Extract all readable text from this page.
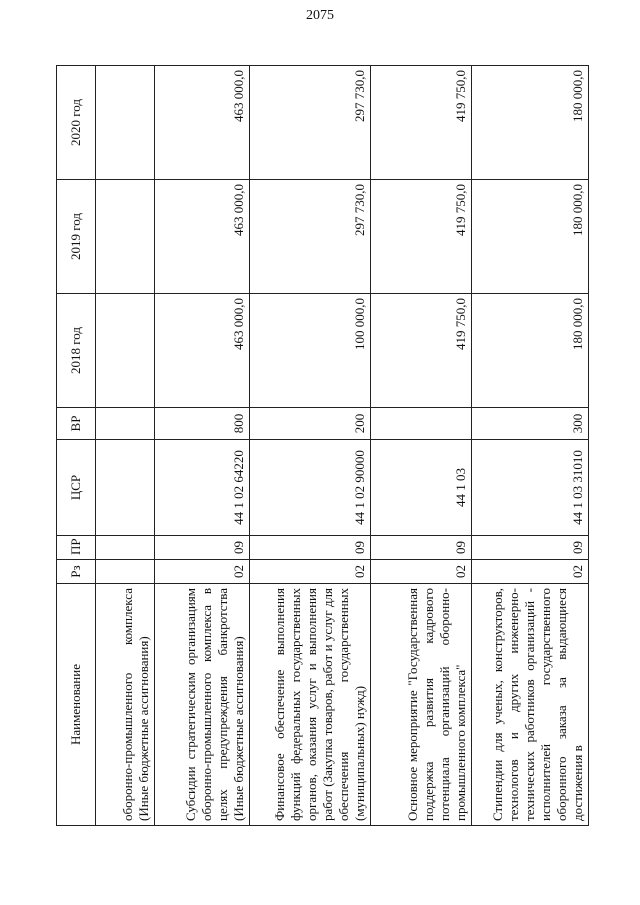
2075
Наименование	Рз	ПР	ЦСР	ВР	2018 год	2019 год	2020 год
оборонно-промышленного комплекса (Иные бюджетные ассигнования)							
Субсидии стратегическим организациям оборонно-промышленного комплекса в целях предупреждения банкротства (Иные бюджетные ассигнования)	02	09	44 1 02 64220	800	463 000,0	463 000,0	463 000,0
Финансовое обеспечение выполнения функций федеральных государственных органов, оказания услуг и выполнения работ (Закупка товаров, работ и услуг для обеспечения государственных (муниципальных) нужд)	02	09	44 1 02 90000	200	100 000,0	297 730,0	297 730,0
Основное мероприятие "Государственная поддержка развития кадрового потенциала организаций оборонно-промышленного комплекса"	02	09	44 1 03		419 750,0	419 750,0	419 750,0
Стипендии для ученых, конструкторов, технологов и других инженерно-технических работников организаций - исполнителей государственного оборонного заказа за выдающиеся достижения в	02	09	44 1 03 31010	300	180 000,0	180 000,0	180 000,0
